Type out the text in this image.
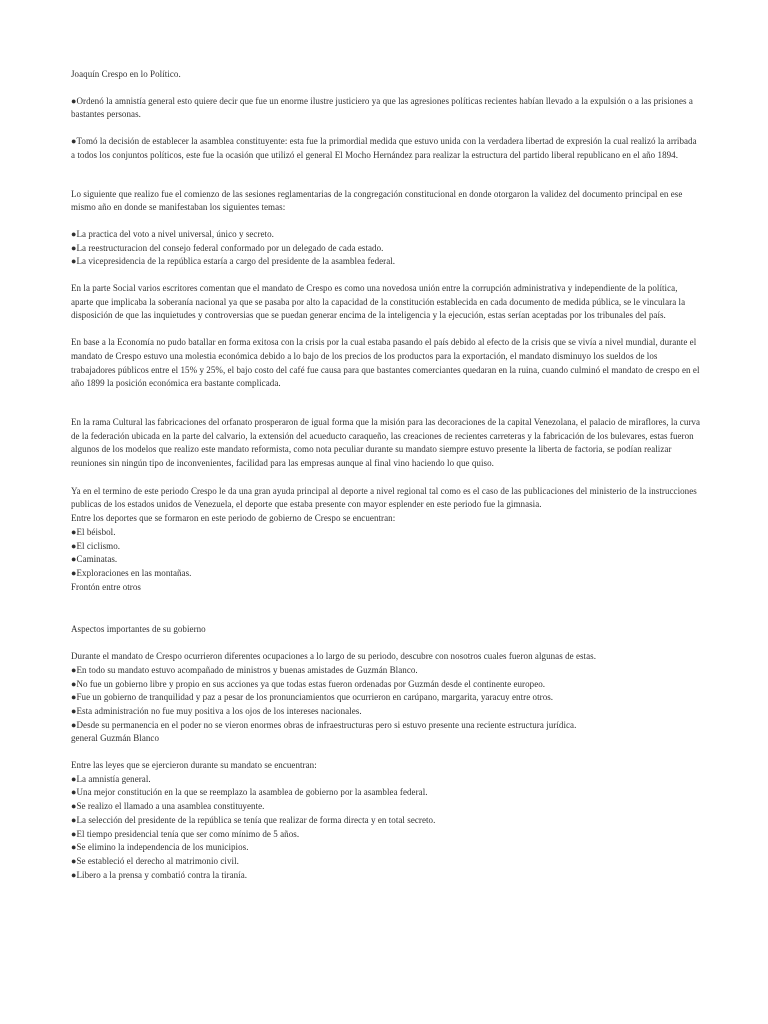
Joaquín Crespo en lo Político.

●Ordenó la amnistía general esto quiere decir que fue un enorme ilustre justiciero ya que las agresiones políticas recientes habían llevado a la expulsión o a las prisiones a bastantes personas.

●Tomó la decisión de establecer la asamblea constituyente: esta fue la primordial medida que estuvo unida con la verdadera libertad de expresión la cual realizó la arribada a todos los conjuntos políticos, este fue la ocasión que utilizó el general El Mocho Hernández para realizar la estructura del partido liberal republicano en el año 1894.

Lo siguiente que realizo fue el comienzo de las sesiones reglamentarias de la congregación constitucional en donde otorgaron la validez del documento principal en ese mismo año en donde se manifestaban los siguientes temas:

●La practica del voto a nivel universal, único y secreto.

●La reestructuracion del consejo federal conformado por un delegado de cada estado.

●La vicepresidencia de la república estaría a cargo del presidente de la asamblea federal.

En la parte Social varios escritores comentan que el mandato de Crespo es como una novedosa unión entre la corrupción administrativa y independiente de la política, aparte que implicaba la soberanía nacional ya que se pasaba por alto la capacidad de la constitución establecida en cada documento de medida pública, se le vinculara la disposición de que las inquietudes y controversias que se puedan generar encima de la inteligencia y la ejecución, estas serían aceptadas por los tribunales del país.

En base a la Economía no pudo batallar en forma exitosa con la crisis por la cual estaba pasando el país debido al efecto de la crisis que se vivía a nivel mundial, durante el mandato de Crespo estuvo una molestia económica debido a lo bajo de los precios de los productos para la exportación, el mandato disminuyo los sueldos de los trabajadores públicos entre el 15% y 25%, el bajo costo del café fue causa para que bastantes comerciantes quedaran en la ruina, cuando culminó el mandato de crespo en el año 1899 la posición económica era bastante complicada.

En la rama Cultural las fabricaciones del orfanato prosperaron de igual forma que la misión para las decoraciones de la capital Venezolana, el palacio de miraflores, la curva de la federación ubicada en la parte del calvario, la extensión del acueducto caraqueño, las creaciones de recientes carreteras y la fabricación de los bulevares, estas fueron algunos de los modelos que realizo este mandato reformista, como nota peculiar durante su mandato siempre estuvo presente la liberta de factoria, se podían realizar reuniones sin ningún tipo de inconvenientes, facilidad para las empresas aunque al final vino haciendo lo que quiso.

Ya en el termino de este periodo Crespo le da una gran ayuda principal al deporte a nivel regional tal como es el caso de las publicaciones del ministerio de la instrucciones publicas de los estados unidos de Venezuela, el deporte que estaba presente con mayor esplender en este periodo fue la gimnasia.

Entre los deportes que se formaron en este periodo de gobierno de Crespo se encuentran:

●El béisbol.

●El ciclismo.

●Caminatas.

●Exploraciones en las montañas.

Frontón entre otros

Aspectos importantes de su gobierno

Durante el mandato de Crespo ocurrieron diferentes ocupaciones a lo largo de su periodo, descubre con nosotros cuales fueron algunas de estas.

●En todo su mandato estuvo acompañado de ministros y buenas amistades de Guzmán Blanco.

●No fue un gobierno libre y propio en sus acciones ya que todas estas fueron ordenadas por Guzmán desde el continente europeo.

●Fue un gobierno de tranquilidad y paz a pesar de los pronunciamientos que ocurrieron en carúpano, margarita, yaracuy entre otros.

●Esta administración no fue muy positiva a los ojos de los intereses nacionales.

●Desde su permanencia en el poder no se vieron enormes obras de infraestructuras pero si estuvo presente una reciente estructura jurídica.

general Guzmán Blanco

Entre las leyes que se ejercieron durante su mandato se encuentran:

●La amnistía general.

●Una mejor constitución en la que se reemplazo la asamblea de gobierno por la asamblea federal.

●Se realizo el llamado a una asamblea constituyente.

●La selección del presidente de la república se tenía que realizar de forma directa y en total secreto.

●El tiempo presidencial tenía que ser como mínimo de 5 años.

●Se elimino la independencia de los municipios.

●Se estableció el derecho al matrimonio civil.

●Libero a la prensa y combatió contra la tiranía.
